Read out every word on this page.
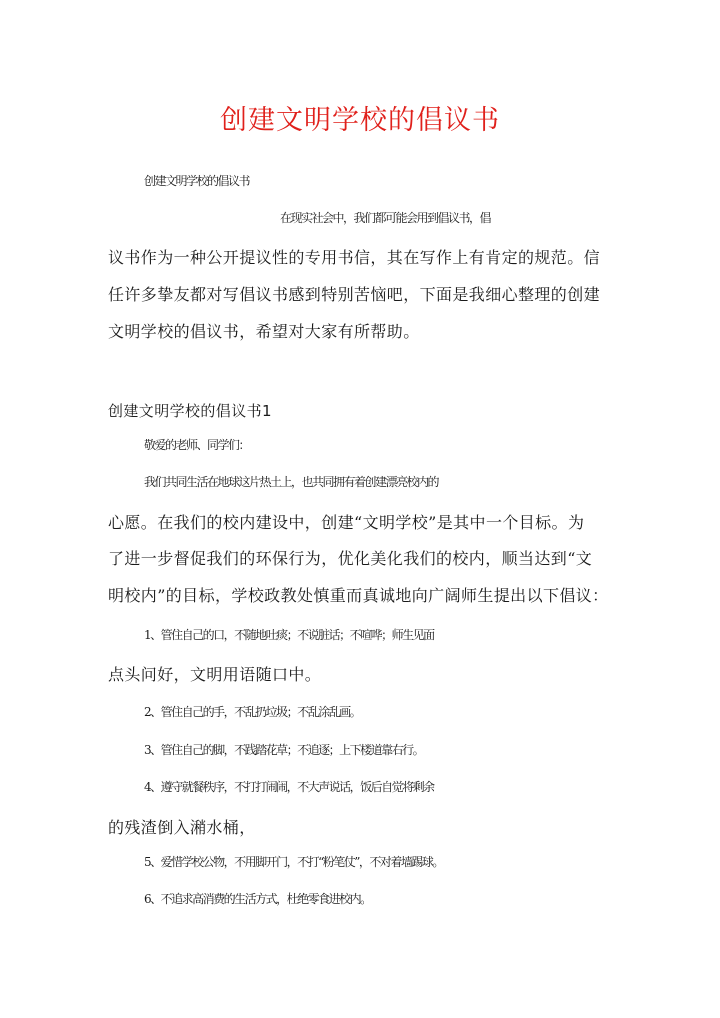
创建文明学校的倡议书
创建文明学校的倡议书
在现实社会中，我们都可能会用到倡议书，倡
议书作为一种公开提议性的专用书信，其在写作上有肯定的规范。信
任许多挚友都对写倡议书感到特别苦恼吧，下面是我细心整理的创建
文明学校的倡议书，希望对大家有所帮助。
创建文明学校的倡议书1
敬爱的老师、同学们：
我们共同生活在地球这片热土上，也共同拥有着创建漂亮校内的
心愿。在我们的校内建设中，创建“文明学校”是其中一个目标。为
了进一步督促我们的环保行为，优化美化我们的校内，顺当达到“文
明校内”的目标，学校政教处慎重而真诚地向广阔师生提出以下倡议：
1、管住自己的口，不随地吐痰；不说脏话；不喧哗；师生见面
点头问好，文明用语随口中。
2、管住自己的手，不乱扔垃圾；不乱涂乱画。
3、管住自己的脚，不践踏花草；不追逐；上下楼道靠右行。
4、遵守就餐秩序，不打打闹闹，不大声说话，饭后自觉将剩余
的残渣倒入潲水桶，
5、爱惜学校公物，不用脚开门，不打“粉笔仗”，不对着墙踢球。
6、不追求高消费的生活方式，杜绝零食进校内。
